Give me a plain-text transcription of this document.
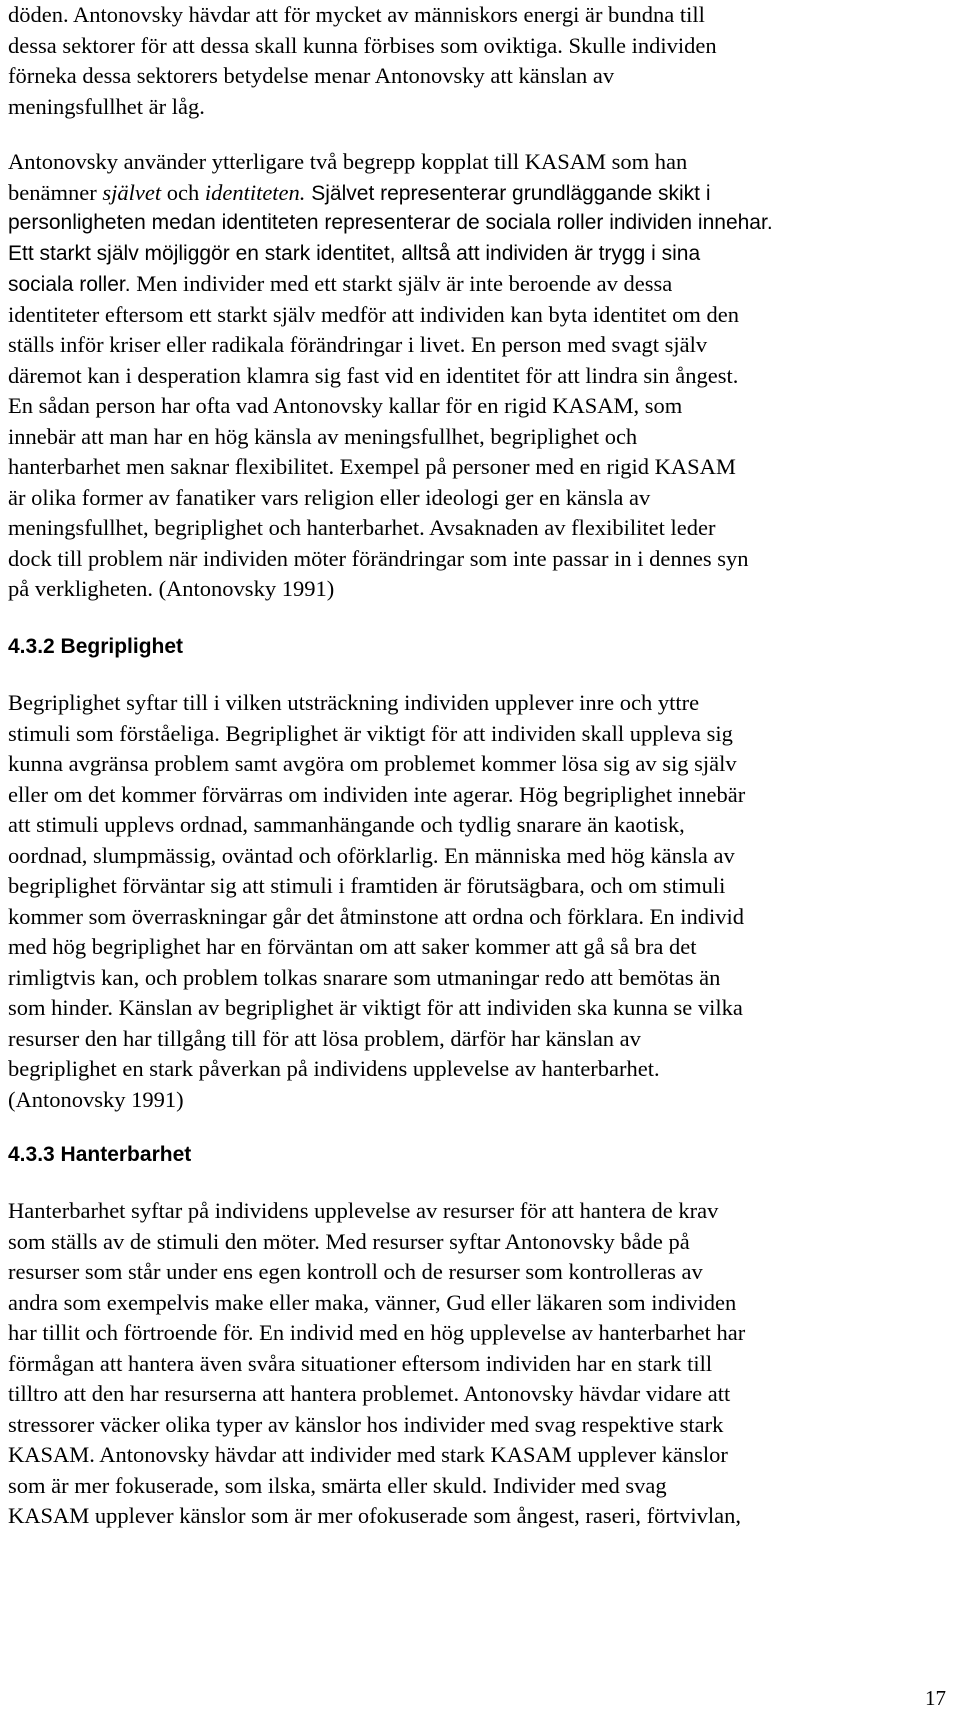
döden. Antonovsky hävdar att för mycket av människors energi är bundna till
dessa sektorer för att dessa skall kunna förbises som oviktiga. Skulle individen
förneka dessa sektorers betydelse menar Antonovsky att känslan av
meningsfullhet är låg.
Antonovsky använder ytterligare två begrepp kopplat till KASAM som han
benämner självet och identiteten. Självet representerar grundläggande skikt i
personligheten medan identiteten representerar de sociala roller individen innehar.
Ett starkt själv möjliggör en stark identitet, alltså att individen är trygg i sina
sociala roller. Men individer med ett starkt själv är inte beroende av dessa
identiteter eftersom ett starkt själv medför att individen kan byta identitet om den
ställs inför kriser eller radikala förändringar i livet. En person med svagt själv
däremot kan i desperation klamra sig fast vid en identitet för att lindra sin ångest.
En sådan person har ofta vad Antonovsky kallar för en rigid KASAM, som
innebär att man har en hög känsla av meningsfullhet, begriplighet och
hanterbarhet men saknar flexibilitet. Exempel på personer med en rigid KASAM
är olika former av fanatiker vars religion eller ideologi ger en känsla av
meningsfullhet, begriplighet och hanterbarhet. Avsaknaden av flexibilitet leder
dock till problem när individen möter förändringar som inte passar in i dennes syn
på verkligheten. (Antonovsky 1991)
4.3.2 Begriplighet
Begriplighet syftar till i vilken utsträckning individen upplever inre och yttre
stimuli som förståeliga. Begriplighet är viktigt för att individen skall uppleva sig
kunna avgränsa problem samt avgöra om problemet kommer lösa sig av sig själv
eller om det kommer förvärras om individen inte agerar. Hög begriplighet innebär
att stimuli upplevs ordnad, sammanhängande och tydlig snarare än kaotisk,
oordnad, slumpmässig, oväntad och oförklarlig. En människa med hög känsla av
begriplighet förväntar sig att stimuli i framtiden är förutsägbara, och om stimuli
kommer som överraskningar går det åtminstone att ordna och förklara. En individ
med hög begriplighet har en förväntan om att saker kommer att gå så bra det
rimligtvis kan, och problem tolkas snarare som utmaningar redo att bemötas än
som hinder. Känslan av begriplighet är viktigt för att individen ska kunna se vilka
resurser den har tillgång till för att lösa problem, därför har känslan av
begriplighet en stark påverkan på individens upplevelse av hanterbarhet.
(Antonovsky 1991)
4.3.3 Hanterbarhet
Hanterbarhet syftar på individens upplevelse av resurser för att hantera de krav
som ställs av de stimuli den möter. Med resurser syftar Antonovsky både på
resurser som står under ens egen kontroll och de resurser som kontrolleras av
andra som exempelvis make eller maka, vänner, Gud eller läkaren som individen
har tillit och förtroende för. En individ med en hög upplevelse av hanterbarhet har
förmågan att hantera även svåra situationer eftersom individen har en stark till
tilltro att den har resurserna att hantera problemet. Antonovsky hävdar vidare att
stressorer väcker olika typer av känslor hos individer med svag respektive stark
KASAM. Antonovsky hävdar att individer med stark KASAM upplever känslor
som är mer fokuserade, som ilska, smärta eller skuld. Individer med svag
KASAM upplever känslor som är mer ofokuserade som ångest, raseri, förtvivlan,
17
